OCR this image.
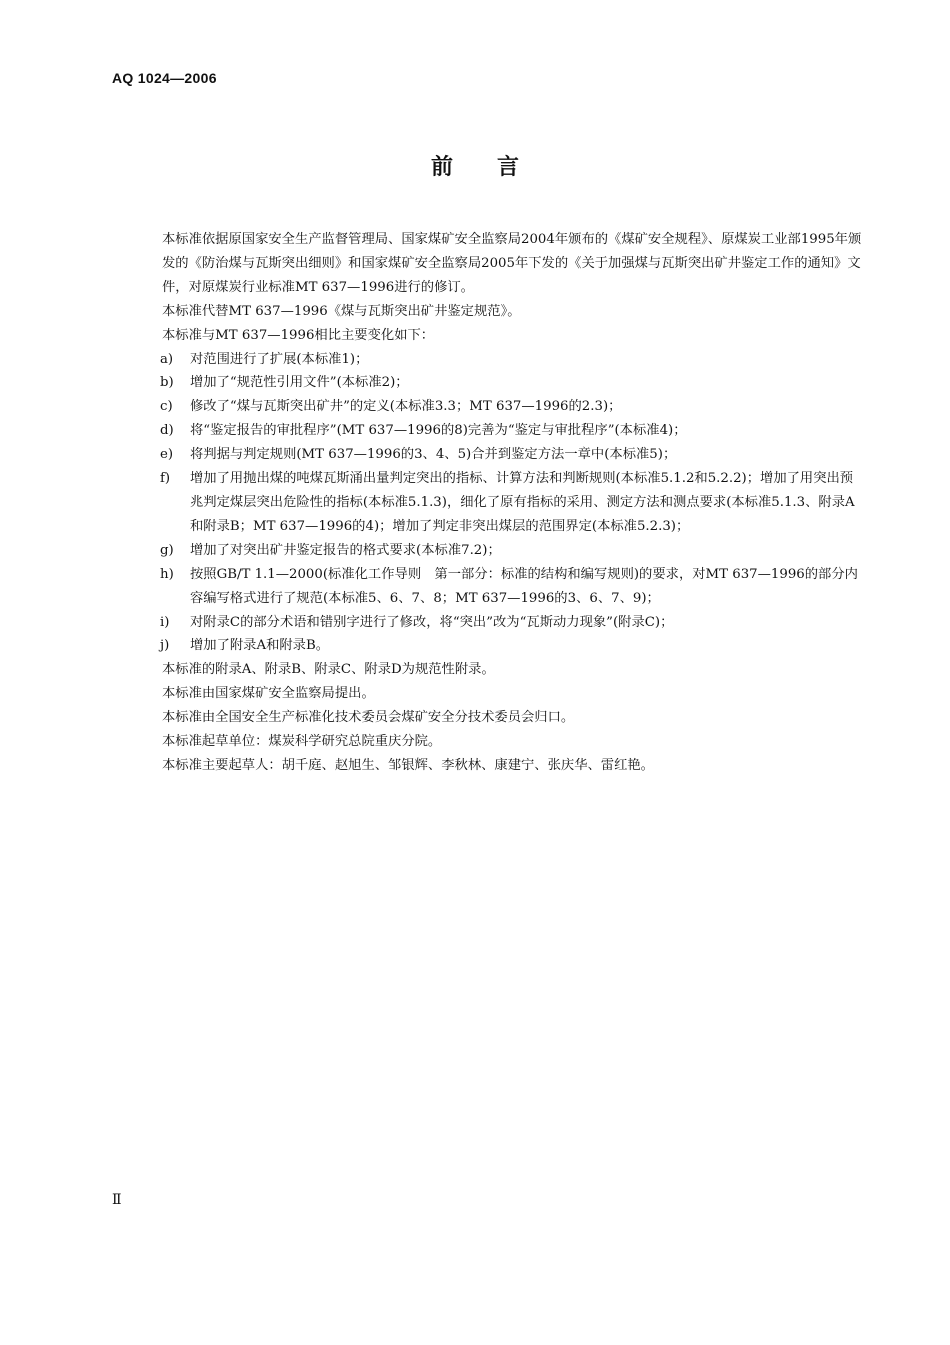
AQ 1024—2006
前言

本标准依据原国家安全生产监督管理局、国家煤矿安全监察局2004年颁布的《煤矿安全规程》、原煤炭工业部1995年颁发的《防治煤与瓦斯突出细则》和国家煤矿安全监察局2005年下发的《关于加强煤与瓦斯突出矿井鉴定工作的通知》文件，对原煤炭行业标准MT 637—1996进行的修订。

本标准代替MT 637—1996《煤与瓦斯突出矿井鉴定规范》。

本标准与MT 637—1996相比主要变化如下：

a)	对范围进行了扩展(本标准1)；
b)	增加了“规范性引用文件”(本标准2)；
c)	修改了“煤与瓦斯突出矿井”的定义(本标准3.3；MT 637—1996的2.3)；
d)	将“鉴定报告的审批程序”(MT 637—1996的8)完善为“鉴定与审批程序”(本标准4)；
e)	将判据与判定规则(MT 637—1996的3、4、5)合并到鉴定方法一章中(本标准5)；
f)	增加了用抛出煤的吨煤瓦斯涌出量判定突出的指标、计算方法和判断规则(本标准5.1.2和5.2.2)；增加了用突出预兆判定煤层突出危险性的指标(本标准5.1.3)，细化了原有指标的采用、测定方法和测点要求(本标准5.1.3、附录A和附录B；MT 637—1996的4)；增加了判定非突出煤层的范围界定(本标准5.2.3)；
g)	增加了对突出矿井鉴定报告的格式要求(本标准7.2)；
h)	按照GB/T 1.1—2000(标准化工作导则　第一部分：标准的结构和编写规则)的要求，对MT 637—1996的部分内容编写格式进行了规范(本标准5、6、7、8；MT 637—1996的3、6、7、9)；
i)	对附录C的部分术语和错别字进行了修改，将“突出”改为“瓦斯动力现象”(附录C)；
j)	增加了附录A和附录B。

本标准的附录A、附录B、附录C、附录D为规范性附录。

本标准由国家煤矿安全监察局提出。

本标准由全国安全生产标准化技术委员会煤矿安全分技术委员会归口。

本标准起草单位：煤炭科学研究总院重庆分院。

本标准主要起草人：胡千庭、赵旭生、邹银辉、李秋林、康建宁、张庆华、雷红艳。

Ⅱ
